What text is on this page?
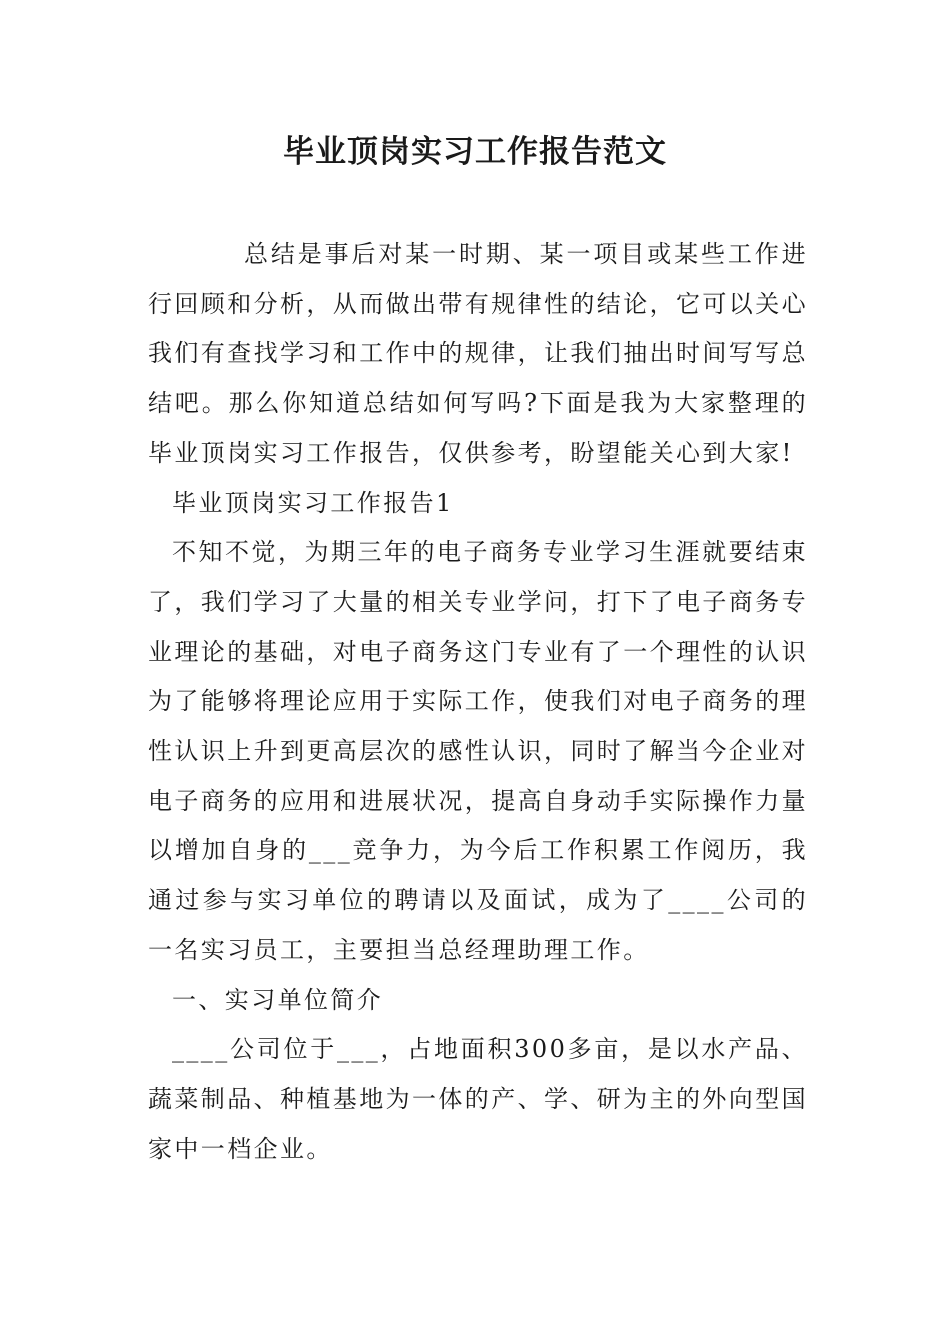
毕业顶岗实习工作报告范文

总结是事后对某一时期、某一项目或某些工作进行回顾和分析，从而做出带有规律性的结论，它可以关心我们有查找学习和工作中的规律，让我们抽出时间写写总结吧。那么你知道总结如何写吗?下面是我为大家整理的毕业顶岗实习工作报告，仅供参考，盼望能关心到大家!

毕业顶岗实习工作报告1

不知不觉，为期三年的电子商务专业学习生涯就要结束了，我们学习了大量的相关专业学问，打下了电子商务专业理论的基础，对电子商务这门专业有了一个理性的认识为了能够将理论应用于实际工作，使我们对电子商务的理性认识上升到更高层次的感性认识，同时了解当今企业对电子商务的应用和进展状况，提高自身动手实际操作力量以增加自身的___竞争力，为今后工作积累工作阅历，我通过参与实习单位的聘请以及面试，成为了____公司的一名实习员工，主要担当总经理助理工作。

一、实习单位简介

____公司位于___，占地面积300多亩，是以水产品、蔬菜制品、种植基地为一体的产、学、研为主的外向型国家中一档企业。
